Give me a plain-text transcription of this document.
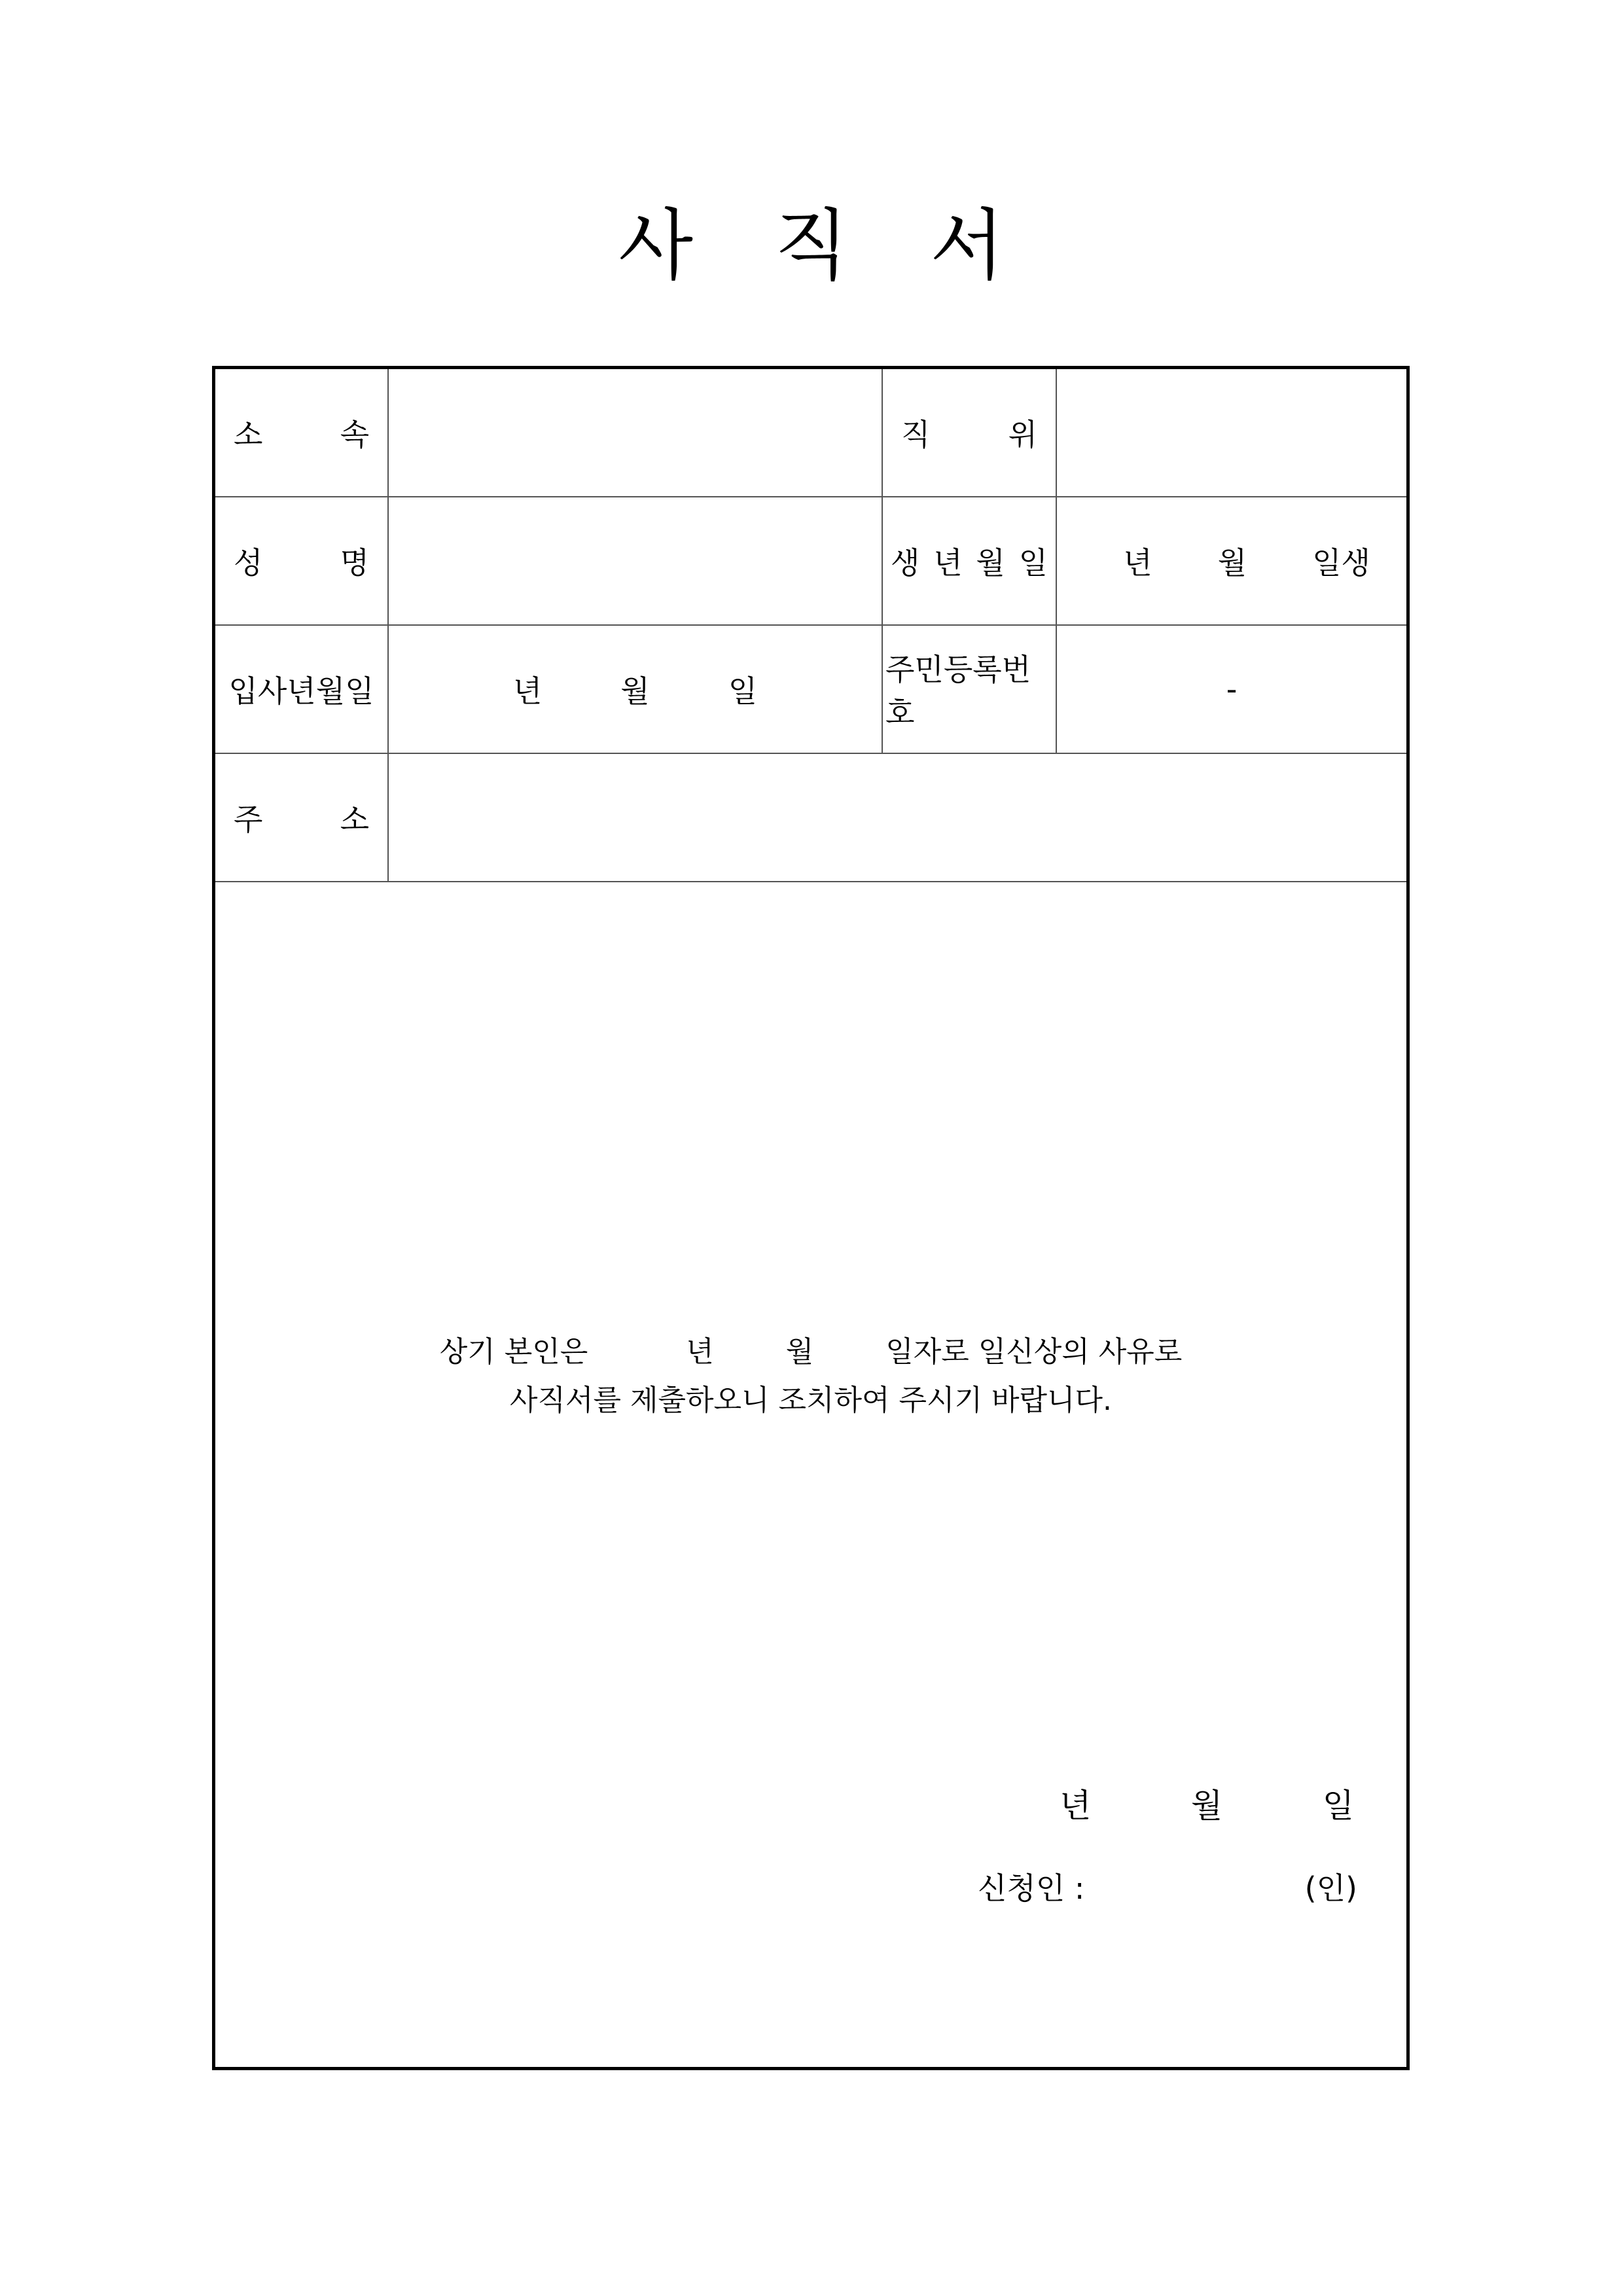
사 직 서
소 속		직 위	

성 명		생 년 월 일	년 월 일생

입사년월일	년 월 일	주민등록번호	-

주 소			

상기 본인은	년	월	일자로 일신상의 사유로
사직서를 제출하오니 조치하여 주시기 바랍니다.
년	월	일
신청인 :	(인)
